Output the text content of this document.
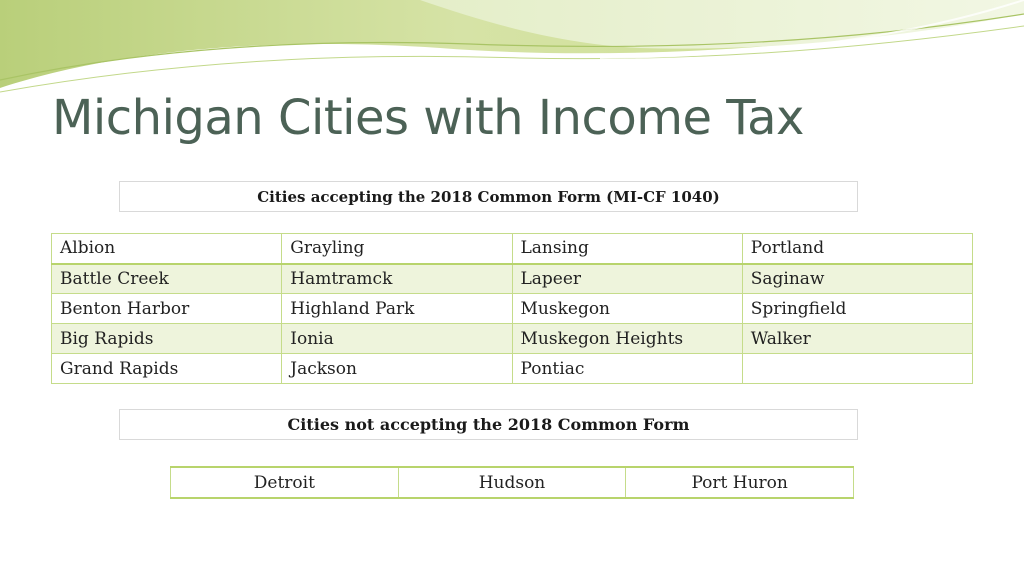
Michigan Cities with Income Tax
Cities accepting the 2018 Common Form (MI-CF 1040)
Albion	Grayling	Lansing	Portland
Battle Creek	Hamtramck	Lapeer	Saginaw
Benton Harbor	Highland Park	Muskegon	Springfield
Big Rapids	Ionia	Muskegon Heights	Walker
Grand Rapids	Jackson	Pontiac	
Cities not accepting the 2018 Common Form
Detroit	Hudson	Port Huron
